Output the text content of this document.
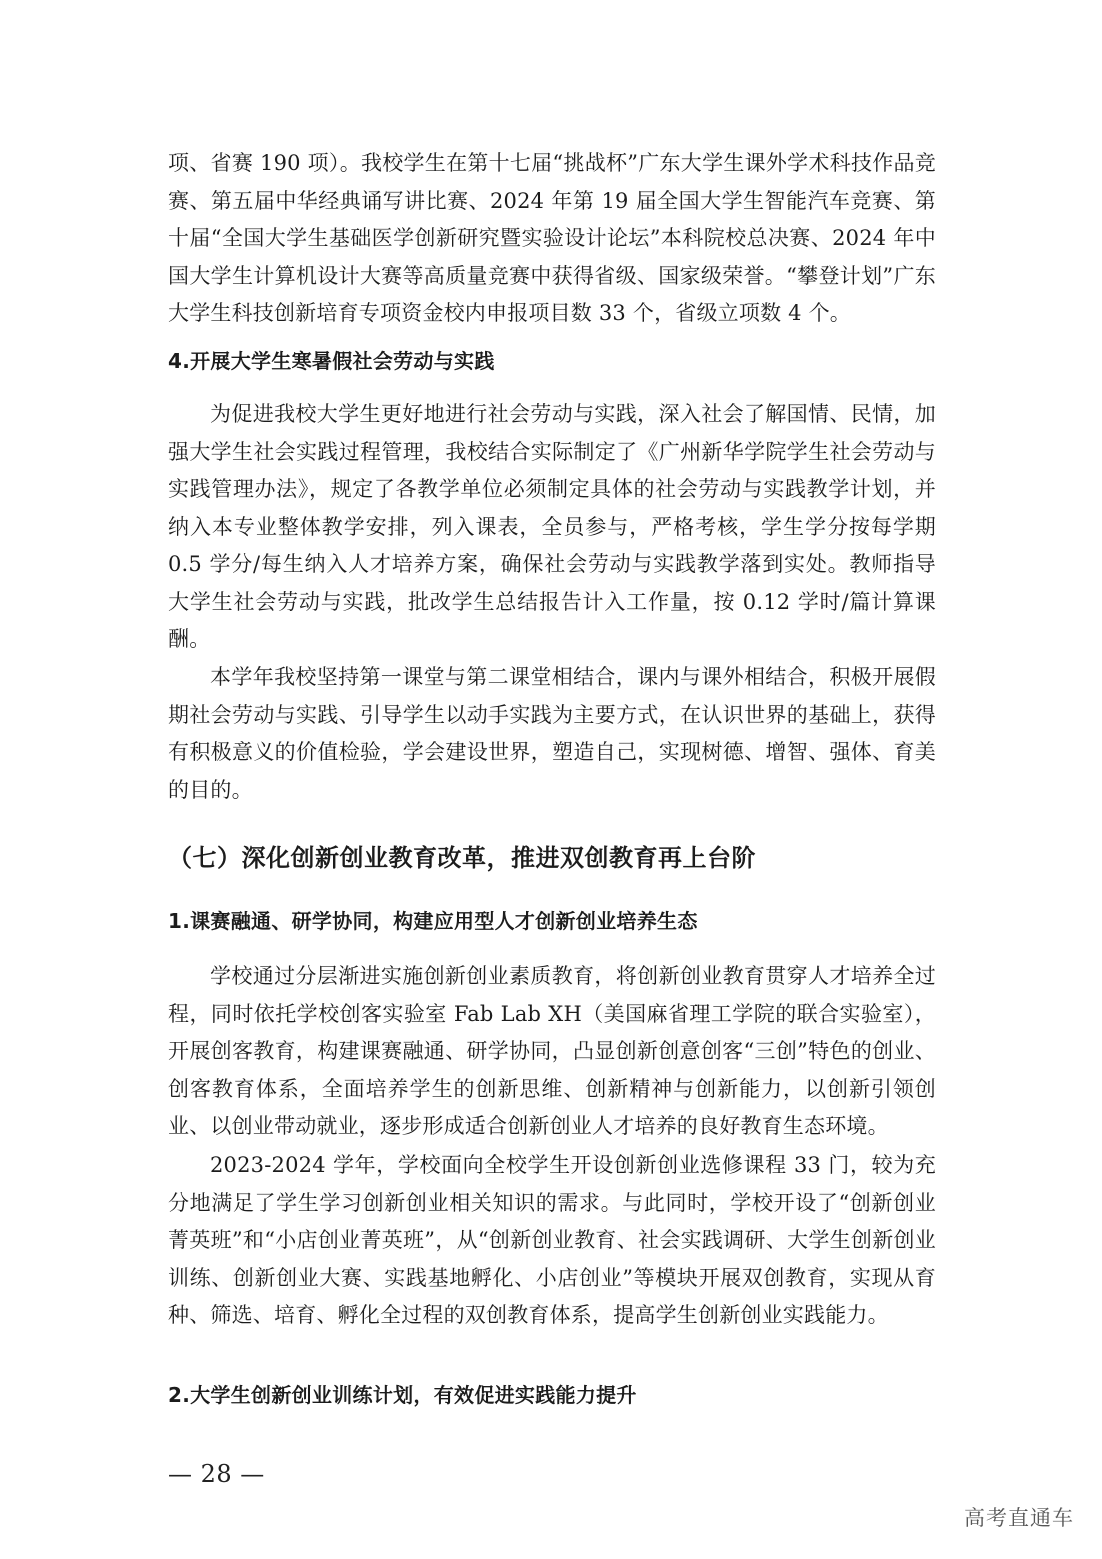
项、省赛 190 项）。我校学生在第十七届“挑战杯”广东大学生课外学术科技作品竞赛、第五届中华经典诵写讲比赛、2024 年第 19 届全国大学生智能汽车竞赛、第十届“全国大学生基础医学创新研究暨实验设计论坛”本科院校总决赛、2024 年中国大学生计算机设计大赛等高质量竞赛中获得省级、国家级荣誉。“攀登计划”广东大学生科技创新培育专项资金校内申报项目数 33 个，省级立项数 4 个。

4.开展大学生寒暑假社会劳动与实践

为促进我校大学生更好地进行社会劳动与实践，深入社会了解国情、民情，加强大学生社会实践过程管理，我校结合实际制定了《广州新华学院学生社会劳动与实践管理办法》，规定了各教学单位必须制定具体的社会劳动与实践教学计划，并纳入本专业整体教学安排，列入课表，全员参与，严格考核，学生学分按每学期 0.5 学分/每生纳入人才培养方案，确保社会劳动与实践教学落到实处。教师指导大学生社会劳动与实践，批改学生总结报告计入工作量，按 0.12 学时/篇计算课酬。

本学年我校坚持第一课堂与第二课堂相结合，课内与课外相结合，积极开展假期社会劳动与实践、引导学生以动手实践为主要方式，在认识世界的基础上，获得有积极意义的价值检验，学会建设世界，塑造自己，实现树德、增智、强体、育美的目的。

（七）深化创新创业教育改革，推进双创教育再上台阶
1.课赛融通、研学协同，构建应用型人才创新创业培养生态

学校通过分层渐进实施创新创业素质教育，将创新创业教育贯穿人才培养全过程，同时依托学校创客实验室 Fab Lab XH（美国麻省理工学院的联合实验室），开展创客教育，构建课赛融通、研学协同，凸显创新创意创客“三创”特色的创业、创客教育体系，全面培养学生的创新思维、创新精神与创新能力，以创新引领创业、以创业带动就业，逐步形成适合创新创业人才培养的良好教育生态环境。

2023-2024 学年，学校面向全校学生开设创新创业选修课程 33 门，较为充分地满足了学生学习创新创业相关知识的需求。与此同时，学校开设了“创新创业菁英班”和“小店创业菁英班”，从“创新创业教育、社会实践调研、大学生创新创业训练、创新创业大赛、实践基地孵化、小店创业”等模块开展双创教育，实现从育种、筛选、培育、孵化全过程的双创教育体系，提高学生创新创业实践能力。

2.大学生创新创业训练计划，有效促进实践能力提升

— 28 —

高考直通车
